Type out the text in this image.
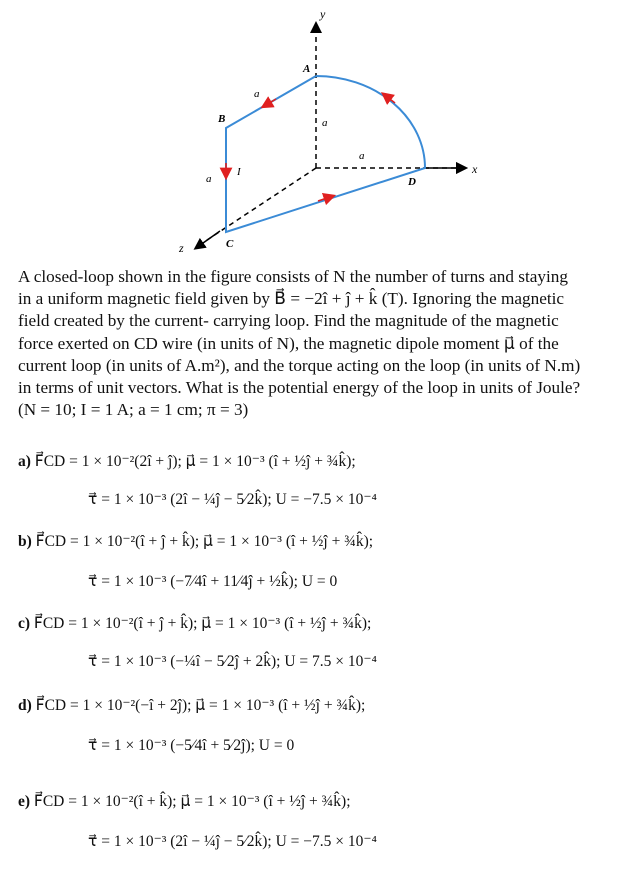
y
x
z
A
B
C
D
a
a
a
a
I
A closed-loop shown in the figure consists of N the number of turns and staying
in a uniform magnetic field given by B⃗ = −2î + ĵ + k̂ (T). Ignoring the magnetic
field created by the current- carrying loop. Find the magnitude of the magnetic
force exerted on CD wire (in units of N), the magnetic dipole moment μ⃗ of the
current loop (in units of A.m²), and the torque acting on the loop (in units of N.m)
in terms of unit vectors. What is the potential energy of the loop in units of Joule?
(N = 10; I = 1 A; a = 1 cm; π = 3)
a) F⃗CD = 1 × 10⁻²(2î + ĵ); μ⃗ = 1 × 10⁻³ (î + ½ĵ + ¾k̂);
τ⃗ = 1 × 10⁻³ (2î − ¼ĵ − 5⁄2k̂); U = −7.5 × 10⁻⁴
b) F⃗CD = 1 × 10⁻²(î + ĵ + k̂); μ⃗ = 1 × 10⁻³ (î + ½ĵ + ¾k̂);
τ⃗ = 1 × 10⁻³ (−7⁄4î + 11⁄4ĵ + ½k̂); U = 0
c) F⃗CD = 1 × 10⁻²(î + ĵ + k̂); μ⃗ = 1 × 10⁻³ (î + ½ĵ + ¾k̂);
τ⃗ = 1 × 10⁻³ (−¼î − 5⁄2ĵ + 2k̂); U = 7.5 × 10⁻⁴
d) F⃗CD = 1 × 10⁻²(−î + 2ĵ); μ⃗ = 1 × 10⁻³ (î + ½ĵ + ¾k̂);
τ⃗ = 1 × 10⁻³ (−5⁄4î + 5⁄2ĵ); U = 0
e) F⃗CD = 1 × 10⁻²(î + k̂); μ⃗ = 1 × 10⁻³ (î + ½ĵ + ¾k̂);
τ⃗ = 1 × 10⁻³ (2î − ¼ĵ − 5⁄2k̂); U = −7.5 × 10⁻⁴
